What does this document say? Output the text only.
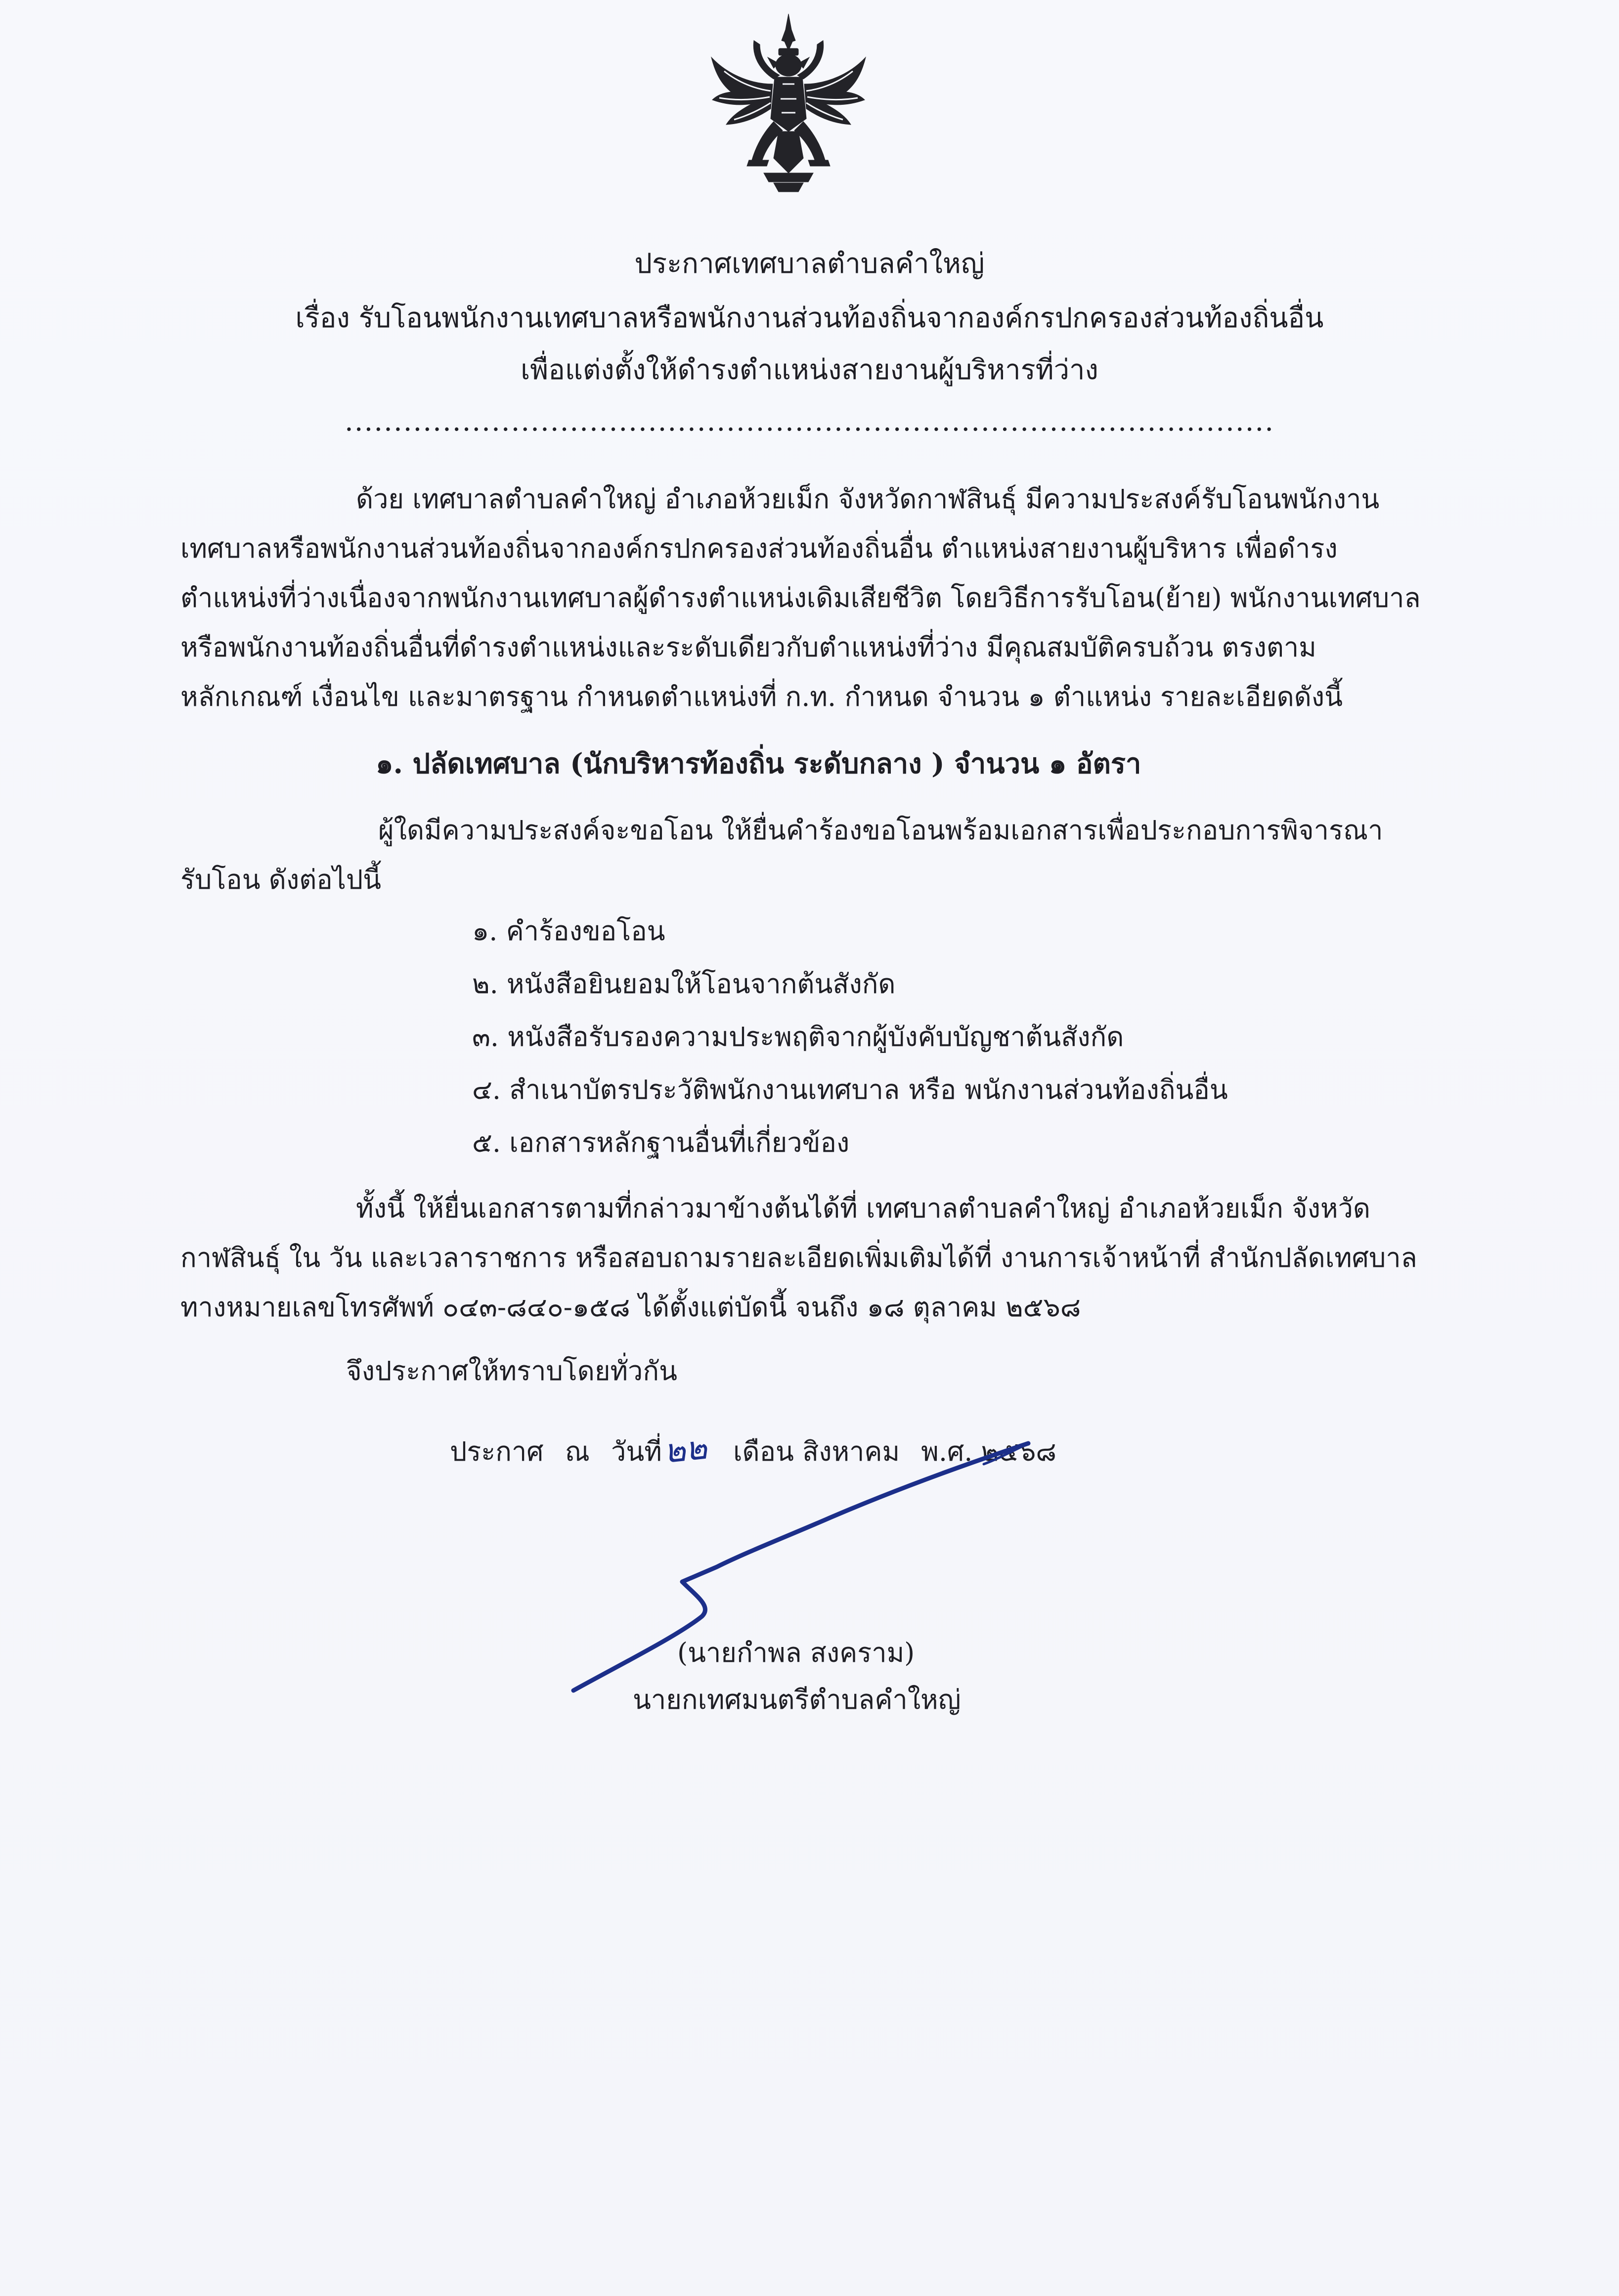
ประกาศเทศบาลตำบลคำใหญ่
เรื่อง รับโอนพนักงานเทศบาลหรือพนักงานส่วนท้องถิ่นจากองค์กรปกครองส่วนท้องถิ่นอื่น
เพื่อแต่งตั้งให้ดำรงตำแหน่งสายงานผู้บริหารที่ว่าง
...............................................................................................
ด้วย เทศบาลตำบลคำใหญ่ อำเภอห้วยเม็ก จังหวัดกาฬสินธุ์ มีความประสงค์รับโอนพนักงาน
เทศบาลหรือพนักงานส่วนท้องถิ่นจากองค์กรปกครองส่วนท้องถิ่นอื่น ตำแหน่งสายงานผู้บริหาร เพื่อดำรง
ตำแหน่งที่ว่างเนื่องจากพนักงานเทศบาลผู้ดำรงตำแหน่งเดิมเสียชีวิต โดยวิธีการรับโอน(ย้าย) พนักงานเทศบาล
หรือพนักงานท้องถิ่นอื่นที่ดำรงตำแหน่งและระดับเดียวกับตำแหน่งที่ว่าง มีคุณสมบัติครบถ้วน ตรงตาม
หลักเกณฑ์ เงื่อนไข และมาตรฐาน กำหนดตำแหน่งที่ ก.ท. กำหนด จำนวน ๑ ตำแหน่ง รายละเอียดดังนี้
๑. ปลัดเทศบาล (นักบริหารท้องถิ่น ระดับกลาง ) จำนวน ๑ อัตรา
ผู้ใดมีความประสงค์จะขอโอน ให้ยื่นคำร้องขอโอนพร้อมเอกสารเพื่อประกอบการพิจารณา
รับโอน ดังต่อไปนี้
๑. คำร้องขอโอน
๒. หนังสือยินยอมให้โอนจากต้นสังกัด
๓. หนังสือรับรองความประพฤติจากผู้บังคับบัญชาต้นสังกัด
๔. สำเนาบัตรประวัติพนักงานเทศบาล หรือ พนักงานส่วนท้องถิ่นอื่น
๕. เอกสารหลักฐานอื่นที่เกี่ยวข้อง
ทั้งนี้ ให้ยื่นเอกสารตามที่กล่าวมาข้างต้นได้ที่ เทศบาลตำบลคำใหญ่ อำเภอห้วยเม็ก จังหวัด
กาฬสินธุ์ ใน วัน และเวลาราชการ หรือสอบถามรายละเอียดเพิ่มเติมได้ที่ งานการเจ้าหน้าที่ สำนักปลัดเทศบาล
ทางหมายเลขโทรศัพท์ ๐๔๓-๘๔๐-๑๕๘ ได้ตั้งแต่บัดนี้ จนถึง ๑๘ ตุลาคม ๒๕๖๘
จึงประกาศให้ทราบโดยทั่วกัน
ประกาศ ณ วันที่๒๒ เดือน สิงหาคม พ.ศ. ๒๕๖๘
(นายกำพล สงคราม)
นายกเทศมนตรีตำบลคำใหญ่
